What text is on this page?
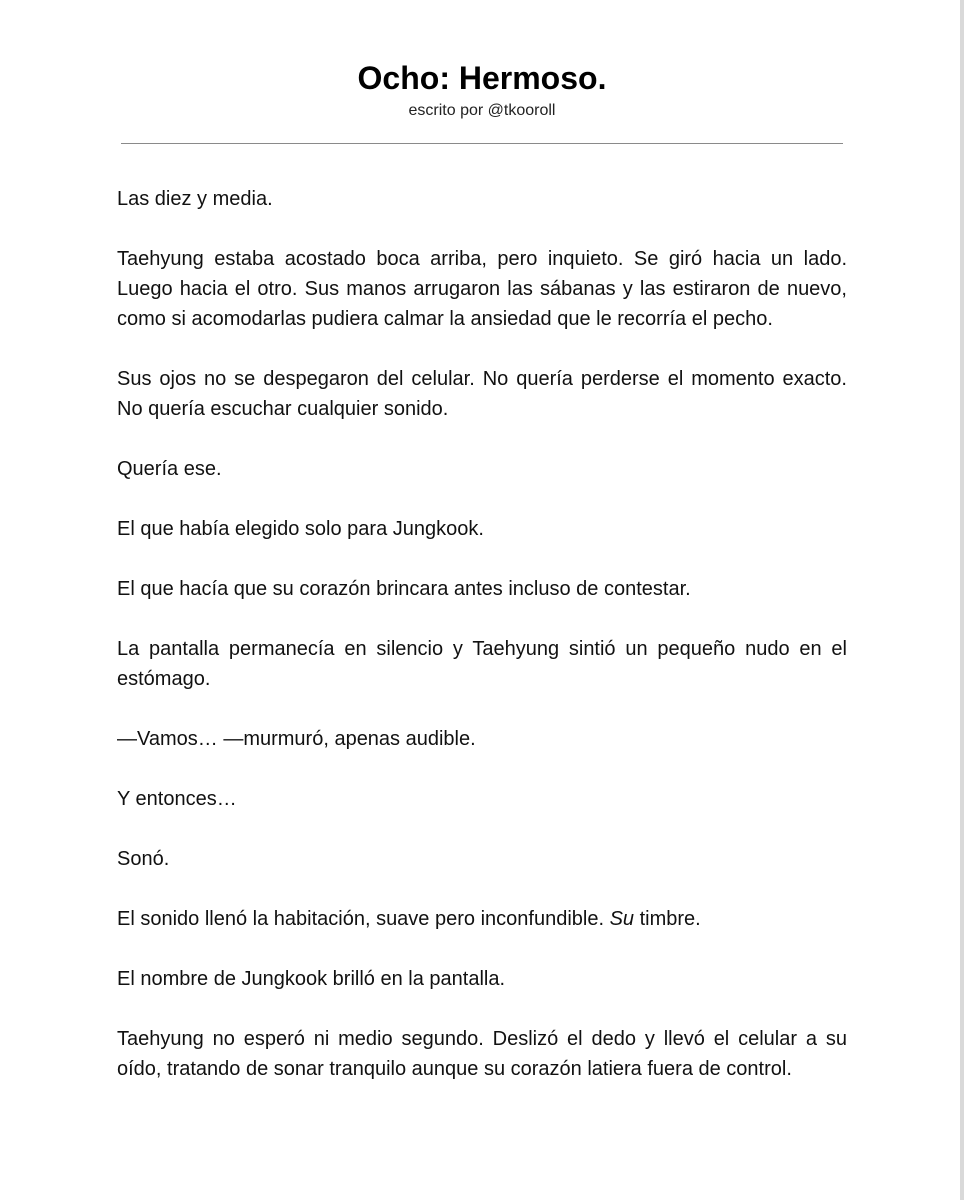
Ocho: Hermoso.

escrito por @tkooroll

Las diez y media.

Taehyung estaba acostado boca arriba, pero inquieto. Se giró hacia un lado. Luego hacia el otro. Sus manos arrugaron las sábanas y las estiraron de nuevo, como si acomodarlas pudiera calmar la ansiedad que le recorría el pecho.

Sus ojos no se despegaron del celular. No quería perderse el momento exacto. No quería escuchar cualquier sonido.

Quería ese.

El que había elegido solo para Jungkook.

El que hacía que su corazón brincara antes incluso de contestar.

La pantalla permanecía en silencio y Taehyung sintió un pequeño nudo en el estómago.

—Vamos… —murmuró, apenas audible.

Y entonces…

Sonó.

El sonido llenó la habitación, suave pero inconfundible. Su timbre.

El nombre de Jungkook brilló en la pantalla.

Taehyung no esperó ni medio segundo. Deslizó el dedo y llevó el celular a su oído, tratando de sonar tranquilo aunque su corazón latiera fuera de control.
